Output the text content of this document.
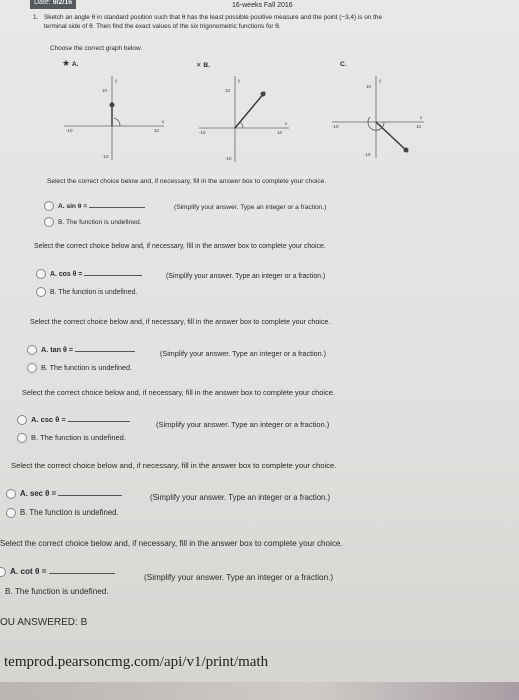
Date: 9/2/16	16-weeks Fall 2016
1. Sketch an angle θ in standard position such that θ has the least possible positive measure and the point (−3,4) is on the
terminal side of θ. Then find the exact values of the six trigonometric functions for θ.
Choose the correct graph below.
★ A.	✕ B.	C.
y
x
10
-10
-10	10
y
x
10
-10
-10	10
y
x
10
-10
-10	10
Select the correct choice below and, if necessary, fill in the answer box to complete your choice.
A. sin θ =	(Simplify your answer. Type an integer or a fraction.)
B. The function is undefined.
Select the correct choice below and, if necessary, fill in the answer box to complete your choice.
A. cos θ =	(Simplify your answer. Type an integer or a fraction.)
B. The function is undefined.
Select the correct choice below and, if necessary, fill in the answer box to complete your choice.
A. tan θ =	(Simplify your answer. Type an integer or a fraction.)
B. The function is undefined.
Select the correct choice below and, if necessary, fill in the answer box to complete your choice.
A. csc θ =
(Simplify your answer. Type an integer or a fraction.)
B. The function is undefined.
Select the correct choice below and, if necessary, fill in the answer box to complete your choice.
A. sec θ =	(Simplify your answer. Type an integer or a fraction.)
B. The function is undefined.
Select the correct choice below and, if necessary, fill in the answer box to complete your choice.
A. cot θ =
(Simplify your answer. Type an integer or a fraction.)
B. The function is undefined.
OU ANSWERED: B
temprod.pearsoncmg.com/api/v1/print/math
